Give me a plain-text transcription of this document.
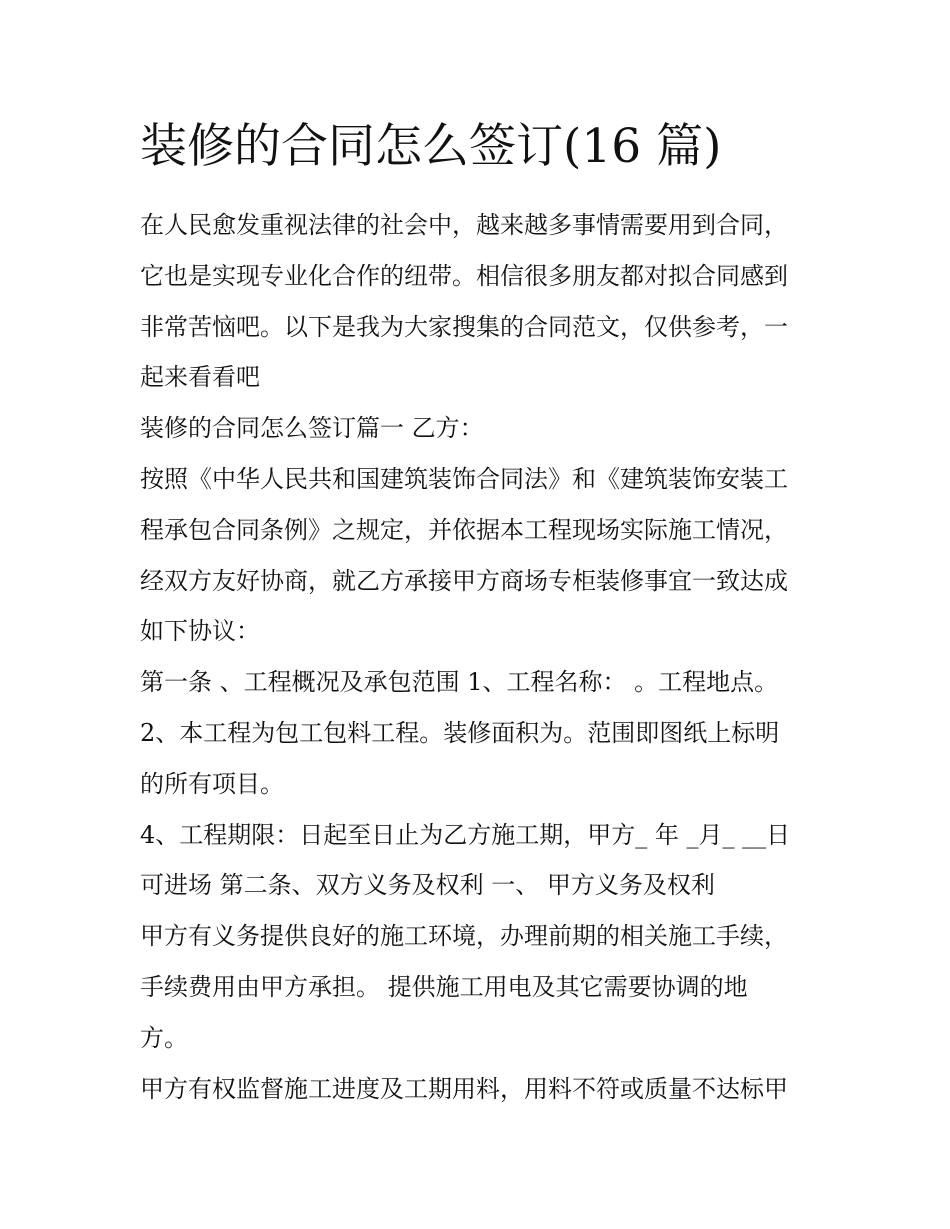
装修的合同怎么签订(16 篇)
在人民愈发重视法律的社会中，越来越多事情需要用到合同，
它也是实现专业化合作的纽带。相信很多朋友都对拟合同感到
非常苦恼吧。以下是我为大家搜集的合同范文，仅供参考，一
起来看看吧
装修的合同怎么签订篇一 乙方：
按照《中华人民共和国建筑装饰合同法》和《建筑装饰安装工
程承包合同条例》之规定，并依据本工程现场实际施工情况，
经双方友好协商，就乙方承接甲方商场专柜装修事宜一致达成
如下协议：
第一条 、工程概况及承包范围 1、工程名称： 。工程地点。
2、本工程为包工包料工程。装修面积为。范围即图纸上标明
的所有项目。
4、工程期限：日起至日止为乙方施工期，甲方_ 年 _月_ __日
可进场 第二条、双方义务及权利 一、 甲方义务及权利
甲方有义务提供良好的施工环境，办理前期的相关施工手续，
手续费用由甲方承担。 提供施工用电及其它需要协调的地
方。
甲方有权监督施工进度及工期用料，用料不符或质量不达标甲
